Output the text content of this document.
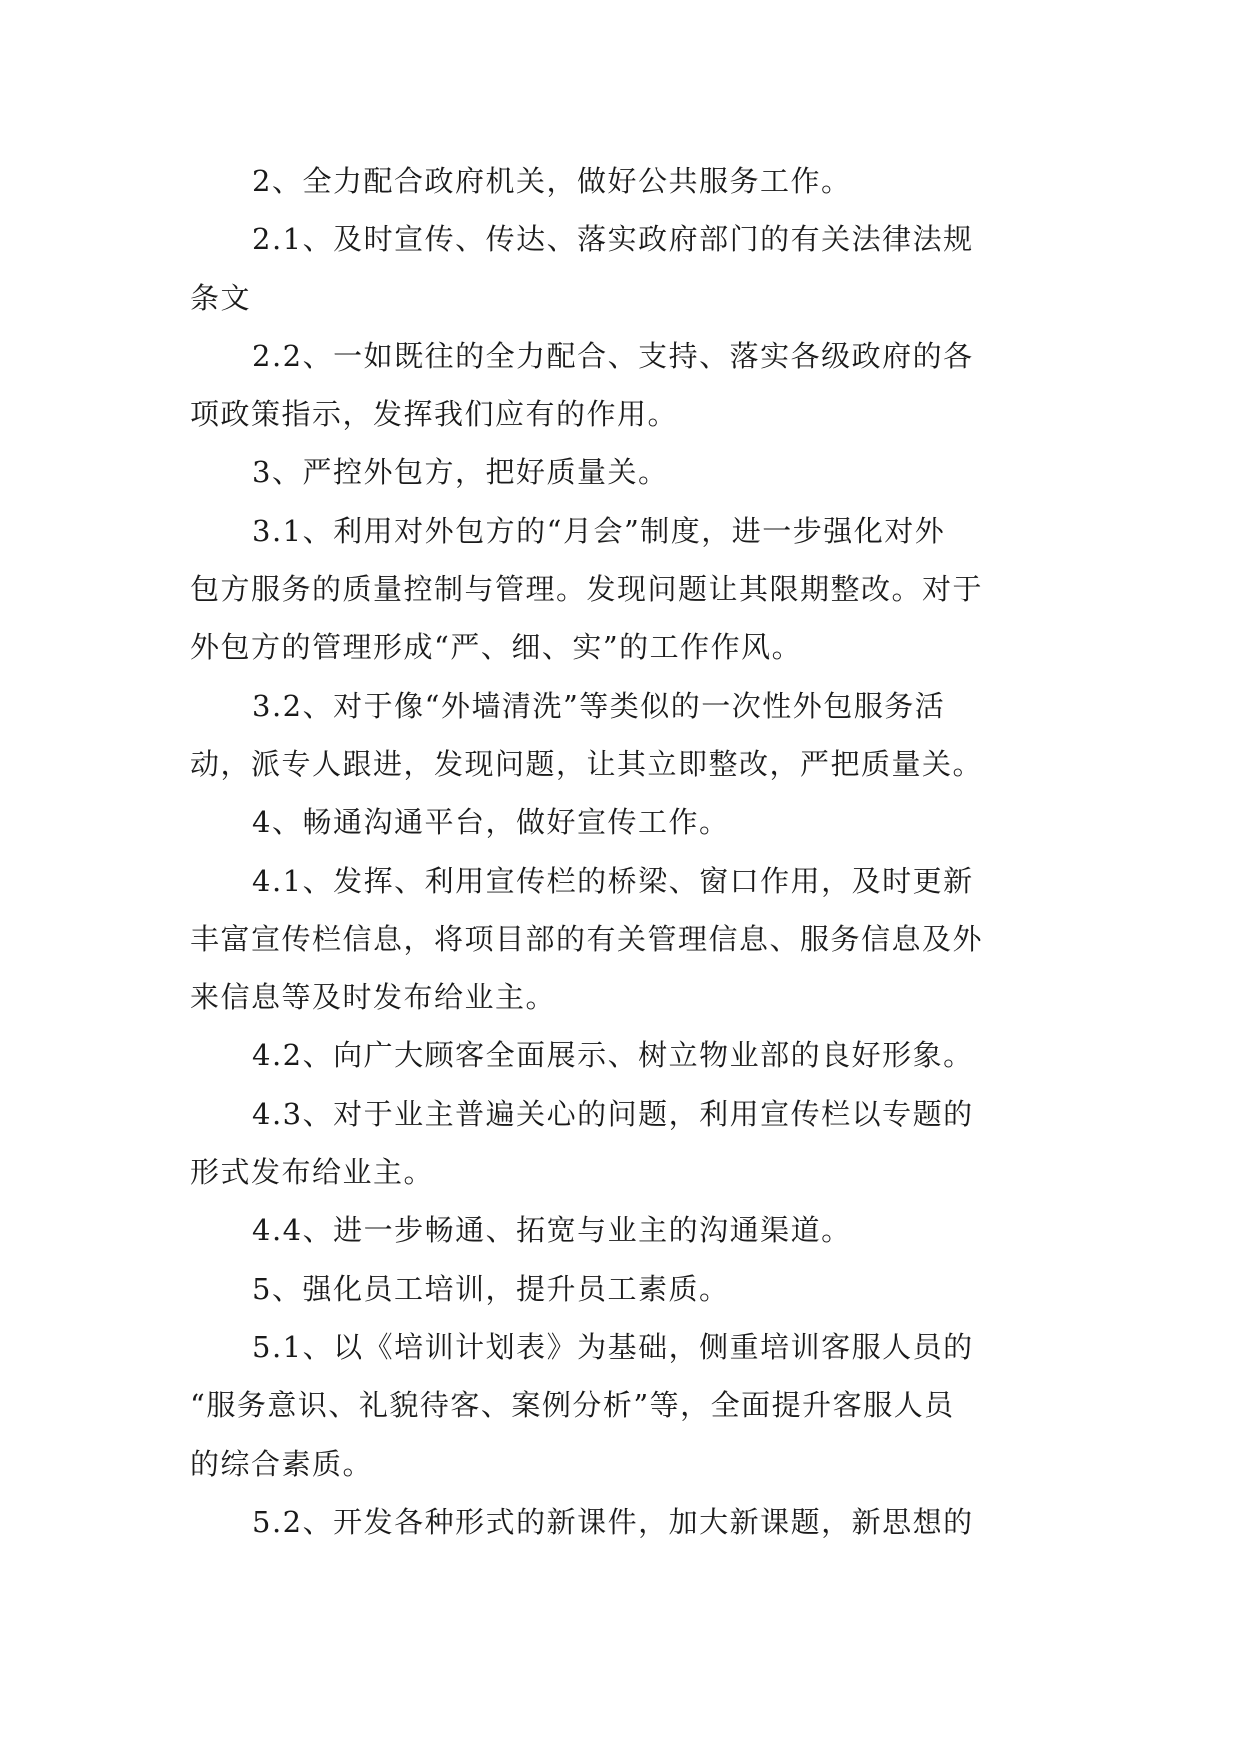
2、全力配合政府机关，做好公共服务工作。

2.1、及时宣传、传达、落实政府部门的有关法律法规
条文

2.2、一如既往的全力配合、支持、落实各级政府的各
项政策指示，发挥我们应有的作用。

3、严控外包方，把好质量关。

3.1、利用对外包方的“月会”制度，进一步强化对外
包方服务的质量控制与管理。发现问题让其限期整改。对于
外包方的管理形成“严、细、实”的工作作风。

3.2、对于像“外墙清洗”等类似的一次性外包服务活
动，派专人跟进，发现问题，让其立即整改，严把质量关。

4、畅通沟通平台，做好宣传工作。

4.1、发挥、利用宣传栏的桥梁、窗口作用，及时更新
丰富宣传栏信息，将项目部的有关管理信息、服务信息及外
来信息等及时发布给业主。

4.2、向广大顾客全面展示、树立物业部的良好形象。

4.3、对于业主普遍关心的问题，利用宣传栏以专题的
形式发布给业主。

4.4、进一步畅通、拓宽与业主的沟通渠道。

5、强化员工培训，提升员工素质。

5.1、以《培训计划表》为基础，侧重培训客服人员的
“服务意识、礼貌待客、案例分析”等，全面提升客服人员
的综合素质。

5.2、开发各种形式的新课件，加大新课题，新思想的
